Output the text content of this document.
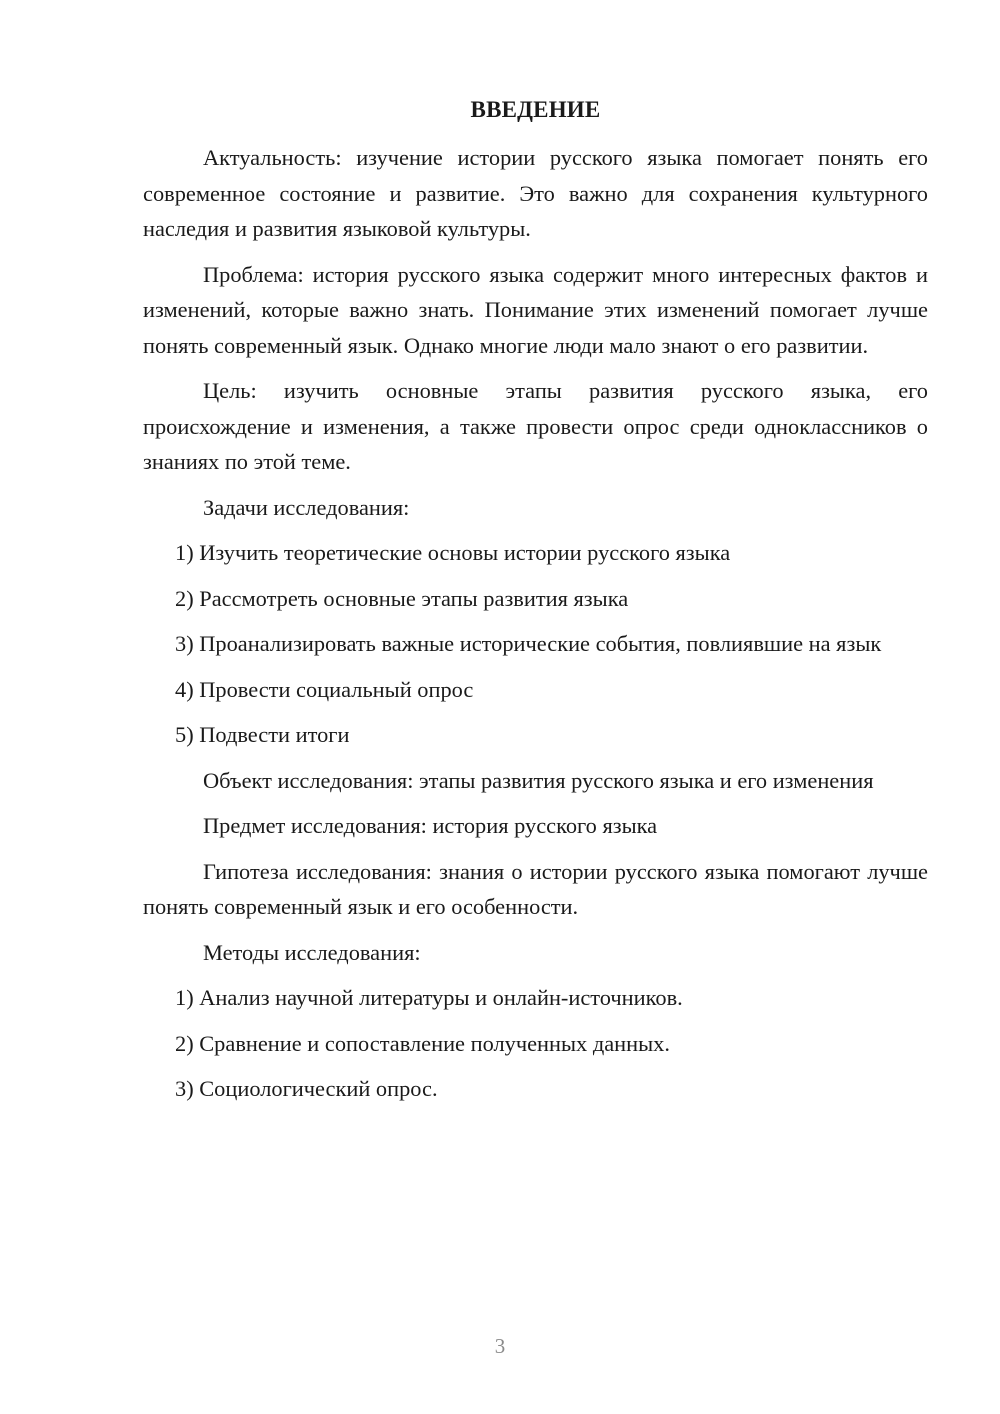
ВВЕДЕНИЕ

Актуальность: изучение истории русского языка помогает понять его современное состояние и развитие. Это важно для сохранения культурного наследия и развития языковой культуры.

Проблема: история русского языка содержит много интересных фактов и изменений, которые важно знать. Понимание этих изменений помогает лучше понять современный язык. Однако многие люди мало знают о его развитии.

Цель: изучить основные этапы развития русского языка, его происхождение и изменения, а также провести опрос среди одноклассников о знаниях по этой теме.

Задачи исследования:

1) Изучить теоретические основы истории русского языка

2) Рассмотреть основные этапы развития языка

3) Проанализировать важные исторические события, повлиявшие на язык

4) Провести социальный опрос

5) Подвести итоги

Объект исследования: этапы развития русского языка и его изменения

Предмет исследования: история русского языка

Гипотеза исследования: знания о истории русского языка помогают лучше понять современный язык и его особенности.

Методы исследования:

1) Анализ научной литературы и онлайн-источников.

2) Сравнение и сопоставление полученных данных.

3) Социологический опрос.

3
